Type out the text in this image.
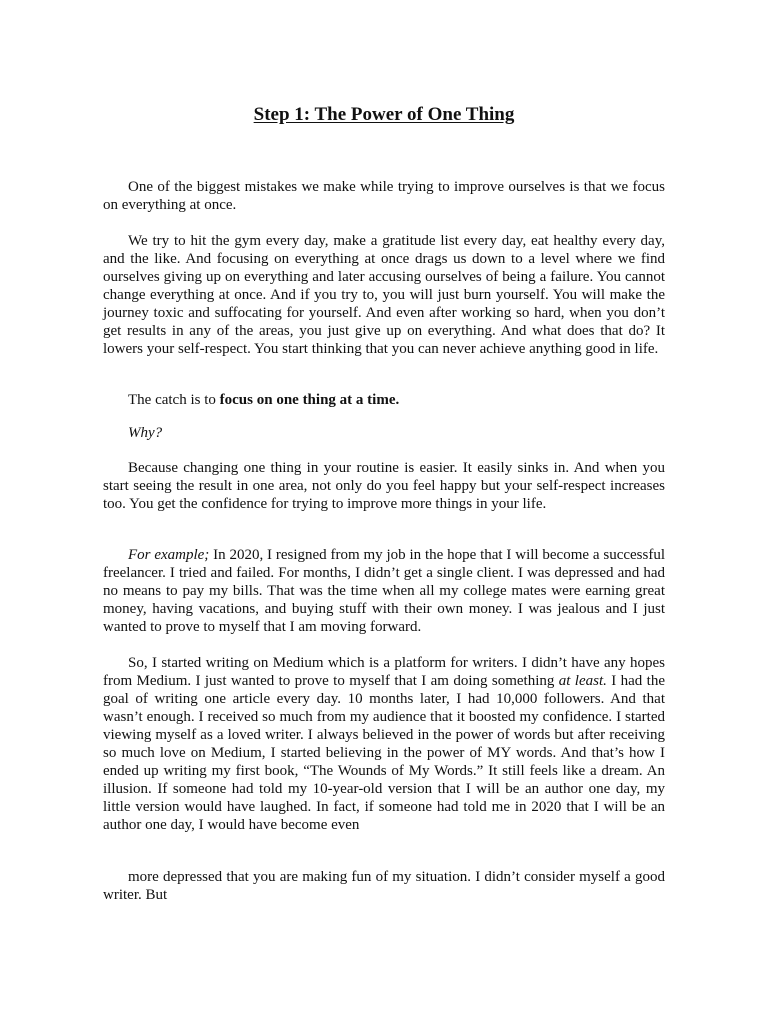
Step 1: The Power of One Thing

One of the biggest mistakes we make while trying to improve ourselves is that we focus on everything at once.

We try to hit the gym every day, make a gratitude list every day, eat healthy every day, and the like. And focusing on everything at once drags us down to a level where we find ourselves giving up on everything and later accusing ourselves of being a failure. You cannot change everything at once. And if you try to, you will just burn yourself. You will make the journey toxic and suffocating for yourself. And even after working so hard, when you don’t get results in any of the areas, you just give up on everything. And what does that do? It lowers your self-respect. You start thinking that you can never achieve anything good in life.

The catch is to focus on one thing at a time.

Why?

Because changing one thing in your routine is easier. It easily sinks in. And when you start seeing the result in one area, not only do you feel happy but your self-respect increases too. You get the confidence for trying to improve more things in your life.

For example; In 2020, I resigned from my job in the hope that I will become a successful freelancer. I tried and failed. For months, I didn’t get a single client. I was depressed and had no means to pay my bills. That was the time when all my college mates were earning great money, having vacations, and buying stuff with their own money. I was jealous and I just wanted to prove to myself that I am moving forward.

So, I started writing on Medium which is a platform for writers. I didn’t have any hopes from Medium. I just wanted to prove to myself that I am doing something at least. I had the goal of writing one article every day. 10 months later, I had 10,000 followers. And that wasn’t enough. I received so much from my audience that it boosted my confidence. I started viewing myself as a loved writer. I always believed in the power of words but after receiving so much love on Medium, I started believing in the power of MY words. And that’s how I ended up writing my first book, “The Wounds of My Words.” It still feels like a dream. An illusion. If someone had told my 10-year-old version that I will be an author one day, my little version would have laughed. In fact, if someone had told me in 2020 that I will be an author one day, I would have become even

more depressed that you are making fun of my situation. I didn’t consider myself a good writer. But
